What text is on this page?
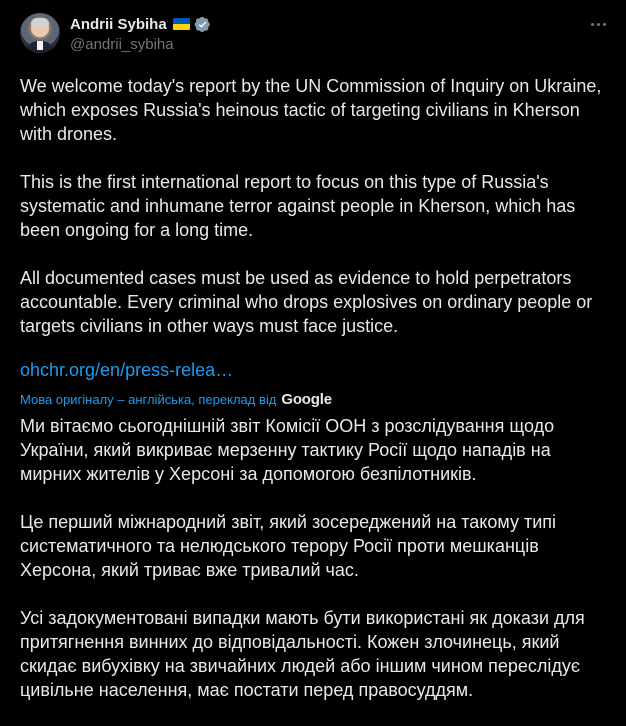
Andrii Sybiha
@andrii_sybiha

We welcome today's report by the UN Commission of Inquiry on Ukraine, which exposes Russia's heinous tactic of targeting civilians in Kherson with drones.

This is the first international report to focus on this type of Russia's systematic and inhumane terror against people in Kherson, which has been ongoing for a long time.

All documented cases must be used as evidence to hold perpetrators accountable. Every criminal who drops explosives on ordinary people or targets civilians in other ways must face justice.

ohchr.org/en/press-relea…
Мова оригіналу – англійська, переклад від Google

Ми вітаємо сьогоднішній звіт Комісії ООН з розслідування щодо України, який викриває мерзенну тактику Росії щодо нападів на мирних жителів у Херсоні за допомогою безпілотників.

Це перший міжнародний звіт, який зосереджений на такому типі систематичного та нелюдського терору Росії проти мешканців Херсона, який триває вже тривалий час.

Усі задокументовані випадки мають бути використані як докази для притягнення винних до відповідальності. Кожен злочинець, який скидає вибухівку на звичайних людей або іншим чином переслідує цивільне населення, має постати перед правосуддям.
